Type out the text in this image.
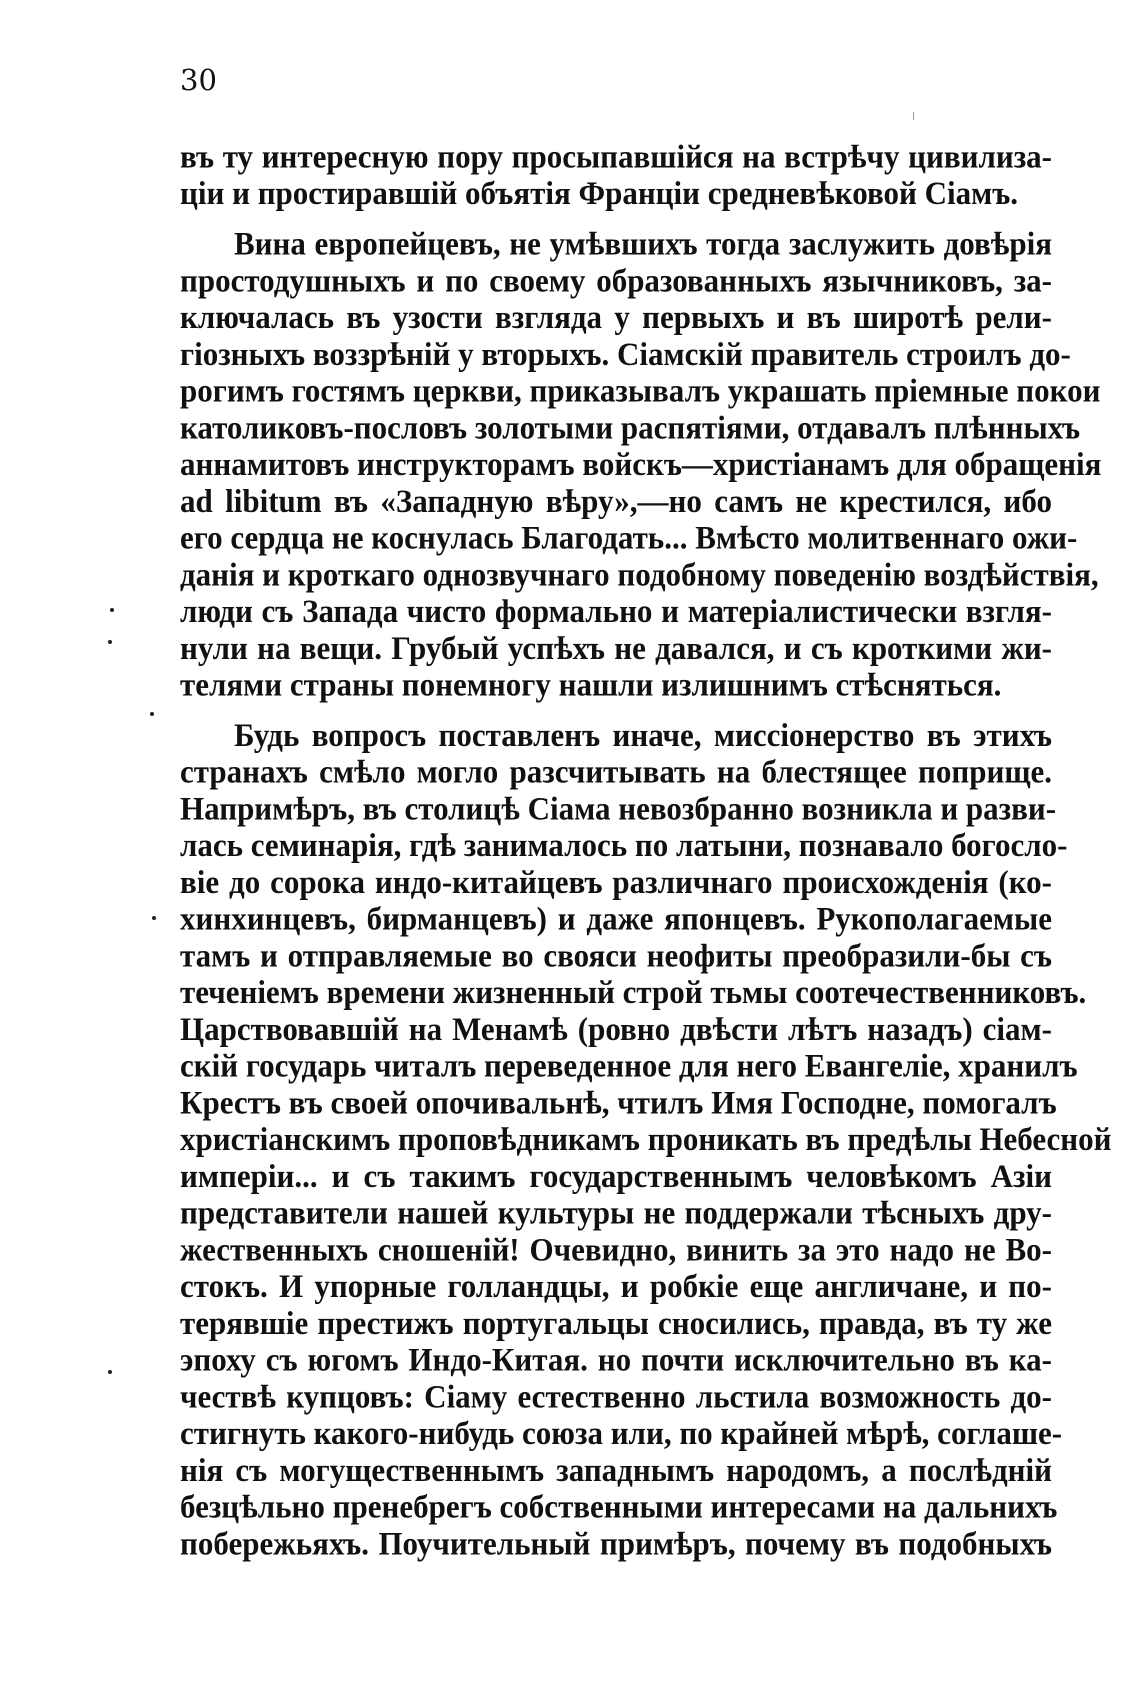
30
въ ту интересную пору просыпавшійся на встрѣчу цивилиза-
ціи и простиравшій объятія Франціи средневѣковой Сіамъ.
Вина европейцевъ, не умѣвшихъ тогда заслужить довѣрія
простодушныхъ и по своему образованныхъ язычниковъ, за-
ключалась въ узости взгляда у первыхъ и въ широтѣ рели-
гіозныхъ воззрѣній у вторыхъ. Сіамскій правитель строилъ до-
рогимъ гостямъ церкви, приказывалъ украшать пріемные покои
католиковъ-пословъ золотыми распятіями, отдавалъ плѣнныхъ
аннамитовъ инструкторамъ войскъ—христіанамъ для обращенія
ad libitum въ «Западную вѣру»,—но самъ не крестился, ибо
его сердца не коснулась Благодать... Вмѣсто молитвеннаго ожи-
данія и кроткаго однозвучнаго подобному поведенію воздѣйствія,
люди съ Запада чисто формально и матеріалистически взгля-
нули на вещи. Грубый успѣхъ не давался, и съ кроткими жи-
телями страны понемногу нашли излишнимъ стѣсняться.
Будь вопросъ поставленъ иначе, миссіонерство въ этихъ
странахъ смѣло могло разсчитывать на блестящее поприще.
Напримѣръ, въ столицѣ Сіама невозбранно возникла и разви-
лась семинарія, гдѣ занималось по латыни, познавало богосло-
віе до сорока индо-китайцевъ различнаго происхожденія (ко-
хинхинцевъ, бирманцевъ) и даже японцевъ. Рукополагаемые
тамъ и отправляемые во свояси неофиты преобразили-бы съ
теченіемъ времени жизненный строй тьмы соотечественниковъ.
Царствовавшій на Менамѣ (ровно двѣсти лѣтъ назадъ) сіам-
скій государь читалъ переведенное для него Евангеліе, хранилъ
Крестъ въ своей опочивальнѣ, чтилъ Имя Господне, помогалъ
христіанскимъ проповѣдникамъ проникать въ предѣлы Небесной
имперіи... и съ такимъ государственнымъ человѣкомъ Азіи
представители нашей культуры не поддержали тѣсныхъ дру-
жественныхъ сношеній! Очевидно, винить за это надо не Во-
стокъ. И упорные голландцы, и робкіе еще англичане, и по-
терявшіе престижъ португальцы сносились, правда, въ ту же
эпоху съ югомъ Индо-Китая. но почти исключительно въ ка-
чествѣ купцовъ: Сіаму естественно льстила возможность до-
стигнуть какого-нибудь союза или, по крайней мѣрѣ, соглаше-
нія съ могущественнымъ западнымъ народомъ, а послѣдній
безцѣльно пренебрегъ собственными интересами на дальнихъ
побережьяхъ. Поучительный примѣръ, почему въ подобныхъ
